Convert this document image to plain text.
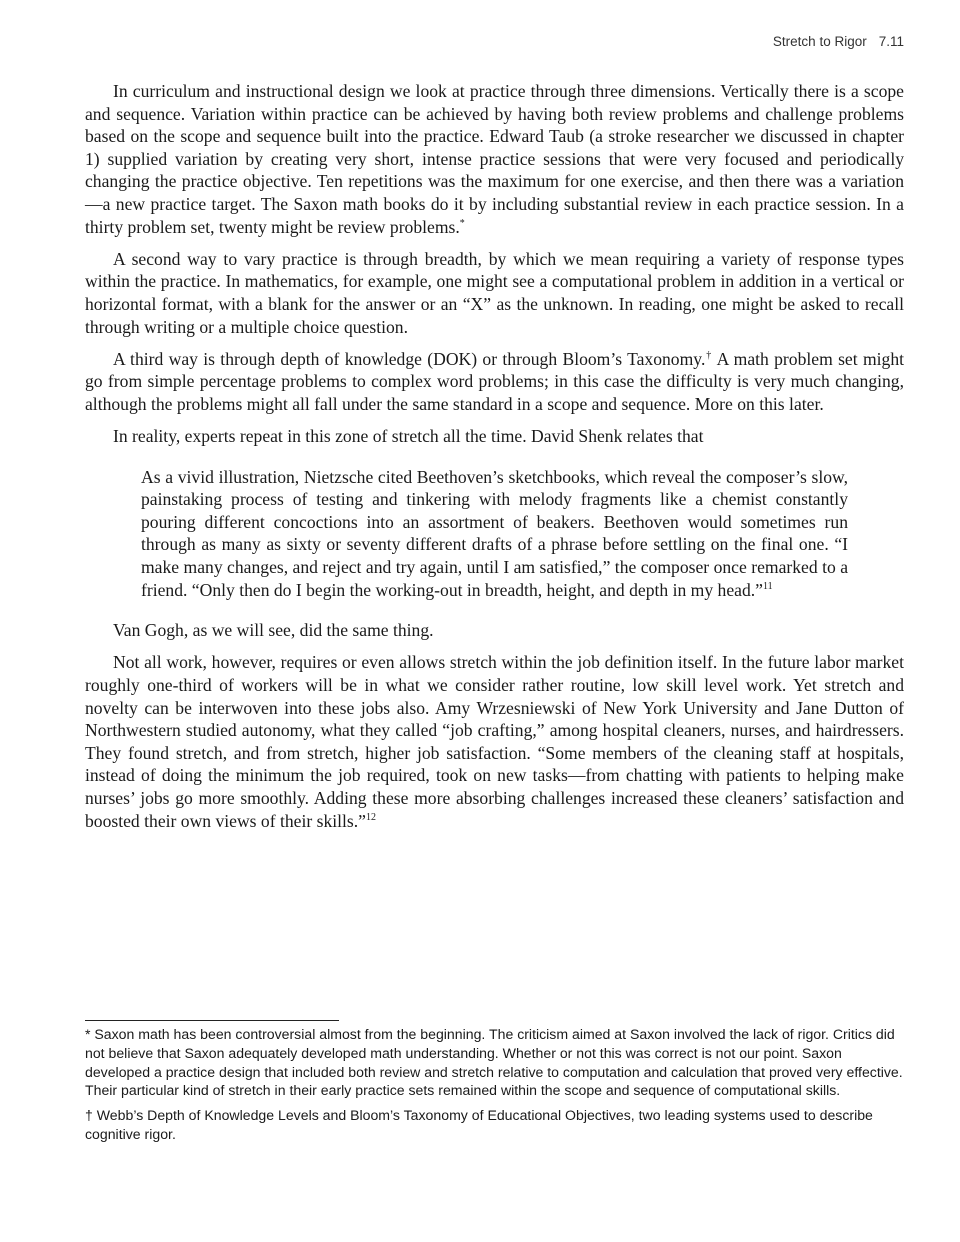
Stretch to Rigor 7.11

In curriculum and instructional design we look at practice through three dimensions. Vertically there is a scope and sequence. Variation within practice can be achieved by having both review problems and challenge problems based on the scope and sequence built into the practice. Edward Taub (a stroke researcher we discussed in chapter 1) supplied variation by creating very short, intense practice sessions that were very focused and periodically changing the practice objective. Ten repetitions was the maximum for one exercise, and then there was a variation—a new practice target. The Saxon math books do it by including substantial review in each practice session. In a thirty problem set, twenty might be review problems.*

A second way to vary practice is through breadth, by which we mean requiring a variety of response types within the practice. In mathematics, for example, one might see a computational problem in addition in a vertical or horizontal format, with a blank for the answer or an “X” as the unknown. In reading, one might be asked to recall through writing or a multiple choice question.

A third way is through depth of knowledge (DOK) or through Bloom’s Taxonomy.† A math problem set might go from simple percentage problems to complex word problems; in this case the difficulty is very much changing, although the problems might all fall under the same standard in a scope and sequence. More on this later.

In reality, experts repeat in this zone of stretch all the time. David Shenk relates that

As a vivid illustration, Nietzsche cited Beethoven’s sketchbooks, which reveal the composer’s slow, painstaking process of testing and tinkering with melody fragments like a chemist constantly pouring different concoctions into an assortment of beakers. Beethoven would sometimes run through as many as sixty or seventy different drafts of a phrase before settling on the final one. “I make many changes, and reject and try again, until I am satisfied,” the composer once remarked to a friend. “Only then do I begin the working-out in breadth, height, and depth in my head.”$^{11}$

Van Gogh, as we will see, did the same thing.

Not all work, however, requires or even allows stretch within the job definition itself. In the future labor market roughly one-third of workers will be in what we consider rather routine, low skill level work. Yet stretch and novelty can be interwoven into these jobs also. Amy Wrzesniewski of New York University and Jane Dutton of Northwestern studied autonomy, what they called “job crafting,” among hospital cleaners, nurses, and hairdressers. They found stretch, and from stretch, higher job satisfaction. “Some members of the cleaning staff at hospitals, instead of doing the minimum the job required, took on new tasks—from chatting with patients to helping make nurses’ jobs go more smoothly. Adding these more absorbing challenges increased these cleaners’ satisfaction and boosted their own views of their skills.”$^{12}$

* Saxon math has been controversial almost from the beginning. The criticism aimed at Saxon involved the lack of rigor. Critics did not believe that Saxon adequately developed math understanding. Whether or not this was correct is not our point. Saxon developed a practice design that included both review and stretch relative to computation and calculation that proved very effective. Their particular kind of stretch in their early practice sets remained within the scope and sequence of computational skills.

† Webb’s Depth of Knowledge Levels and Bloom’s Taxonomy of Educational Objectives, two leading systems used to describe cognitive rigor.
